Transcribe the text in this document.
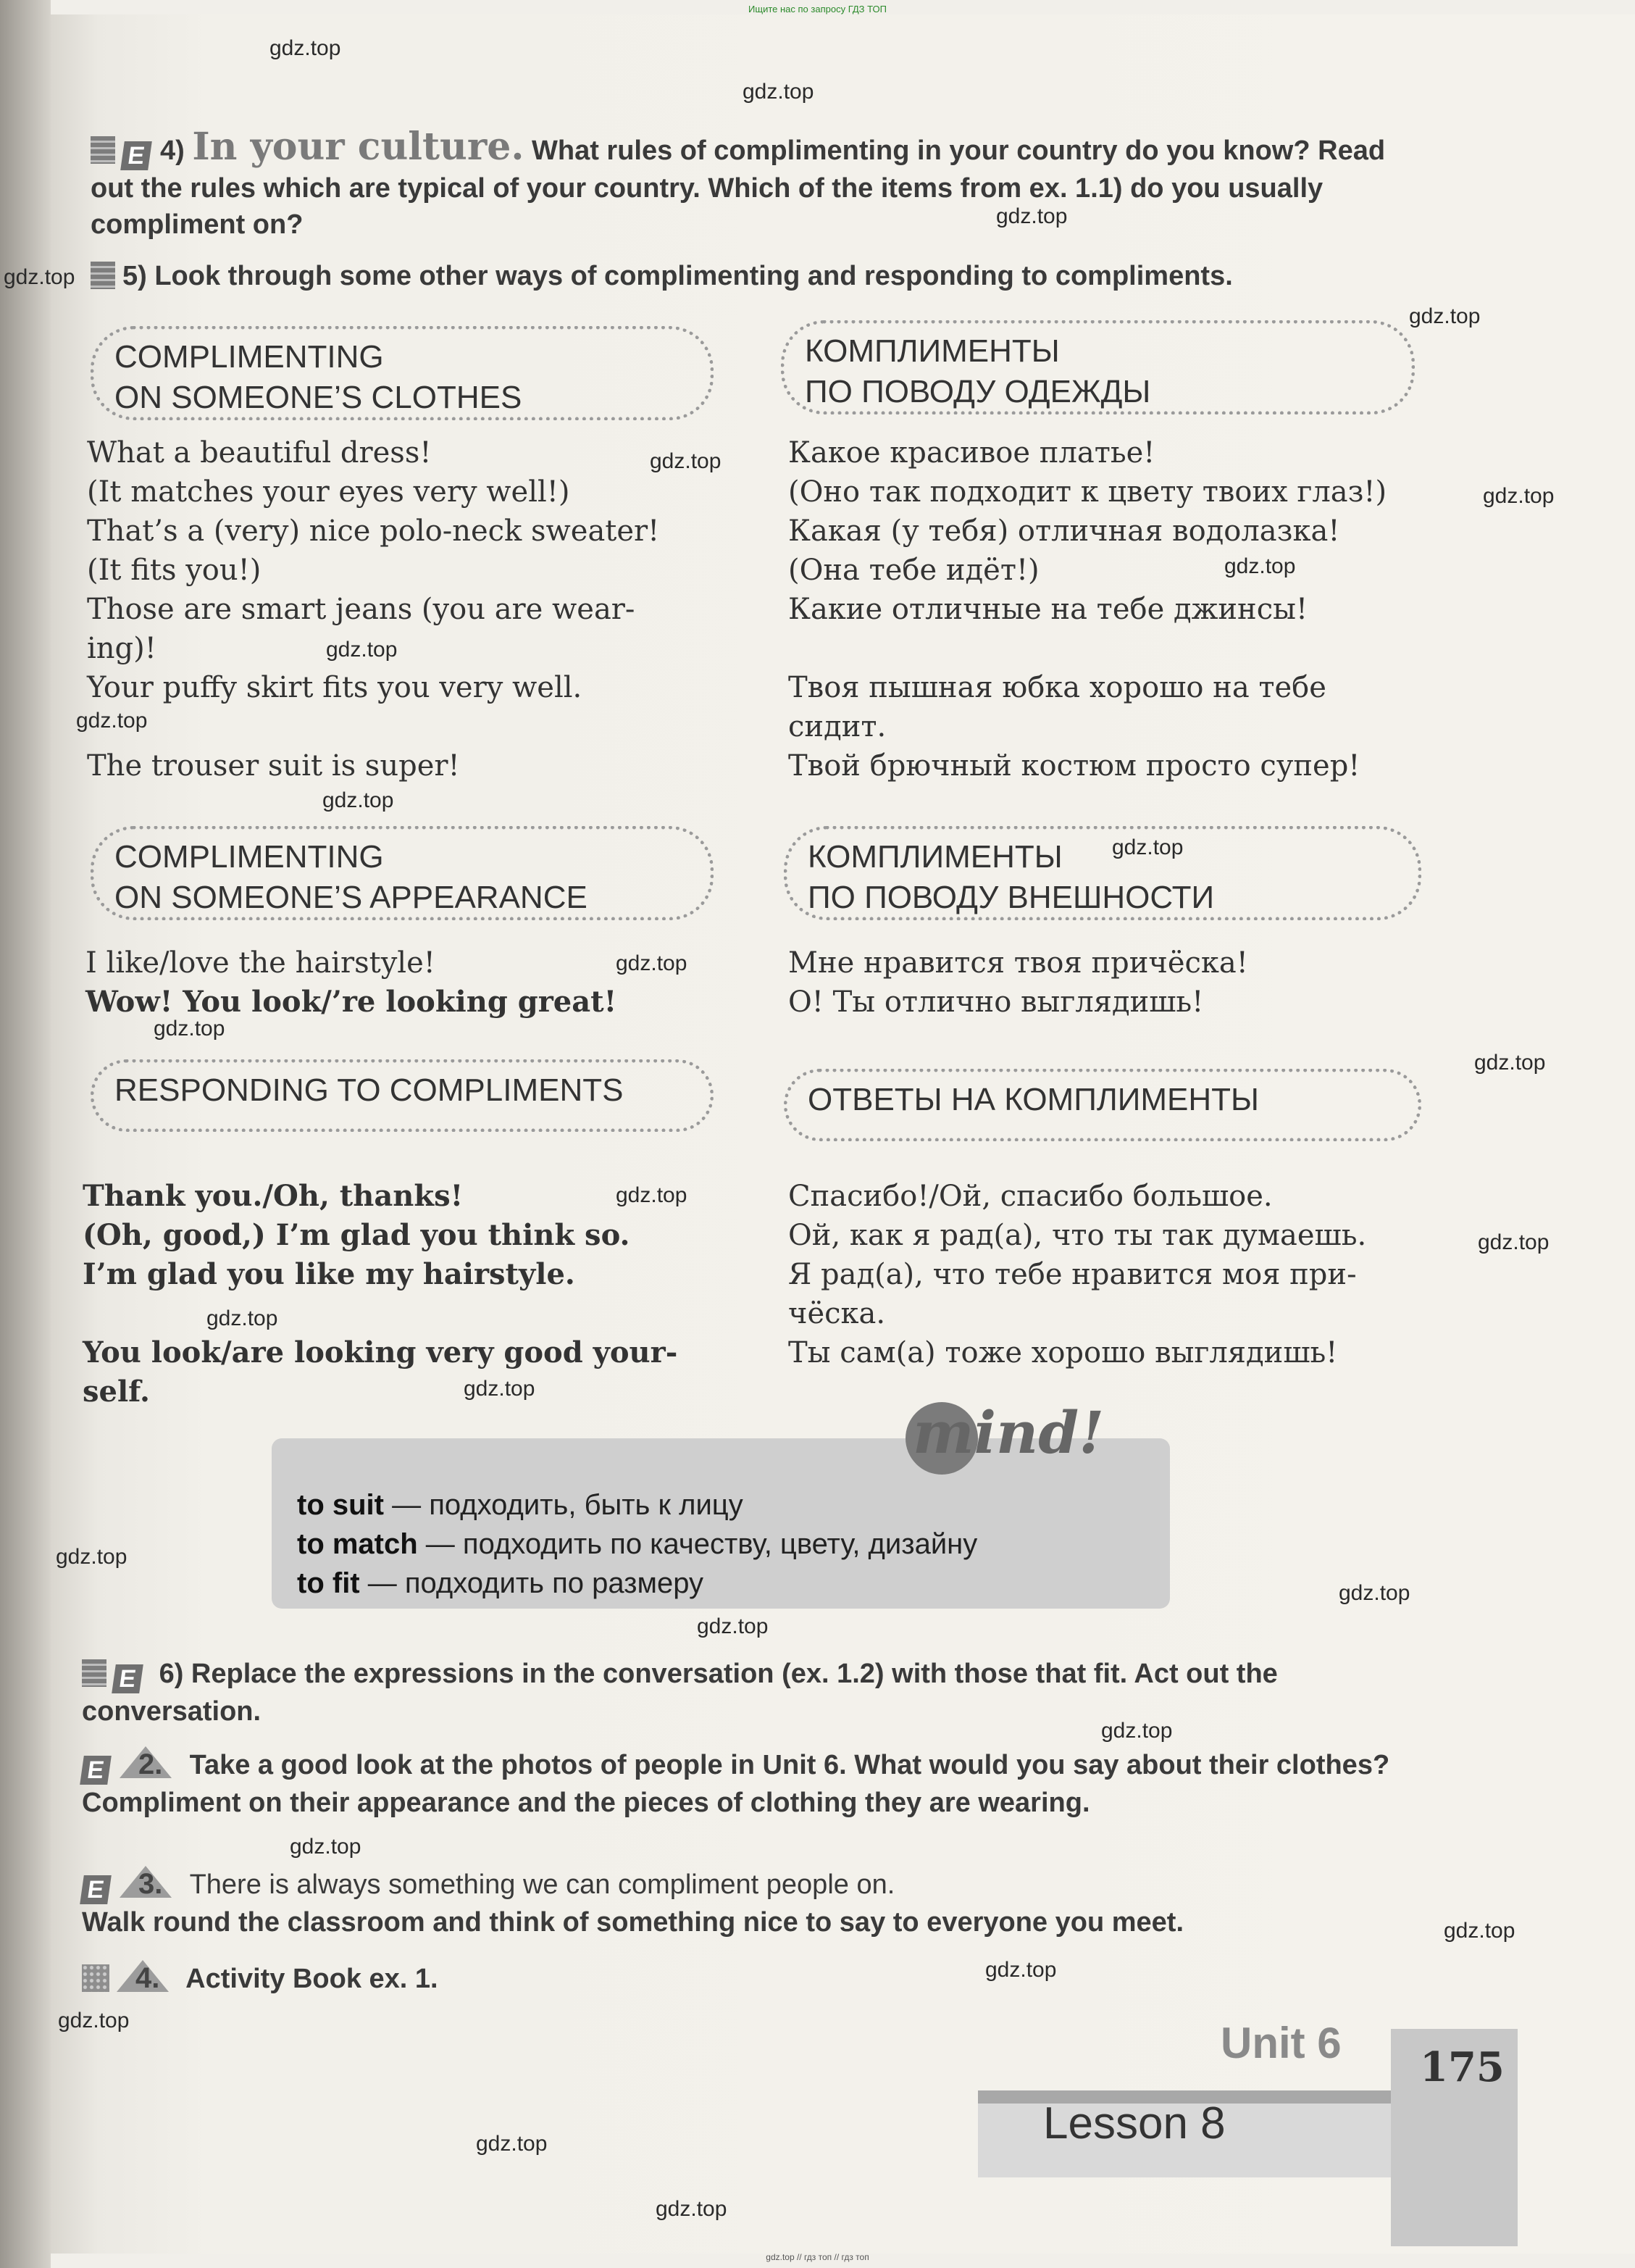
Ищите нас по запросу ГДЗ ТОП
gdz.top
gdz.top
gdz.top
gdz.top
gdz.top
gdz.top
gdz.top
gdz.top
gdz.top
gdz.top
gdz.top
gdz.top
gdz.top
gdz.top
gdz.top
gdz.top
gdz.top
gdz.top
gdz.top
gdz.top
gdz.top
gdz.top
gdz.top
gdz.top
gdz.top
gdz.top
gdz.top
gdz.top
gdz.top
E 4) In your culture. What rules of complimenting in your country do you know? Read out the rules which are typical of your country. Which of the items from ex. 1.1) do you usually compliment on?
5) Look through some other ways of complimenting and responding to compliments.
COMPLIMENTING
ON SOMEONE’S CLOTHES
КОМПЛИМЕНТЫ
ПО ПОВОДУ ОДЕЖДЫ

What a beautiful dress!

(It matches your eyes very well!)

That’s a (very) nice polo-neck sweater!

(It fits you!)

Those are smart jeans (you are wear-

ing)!

Your puffy skirt fits you very well.

The trouser suit is super!

Какое красивое платье!

(Оно так подходит к цвету твоих глаз!)

Какая (у тебя) отличная водолазка!

(Она тебе идёт!)

Какие отличные на тебе джинсы!

Твоя пышная юбка хорошо на тебе

сидит.

Твой брючный костюм просто супер!

COMPLIMENTING
ON SOMEONE’S APPEARANCE
КОМПЛИМЕНТЫ
ПО ПОВОДУ ВНЕШНОСТИ

I like/love the hairstyle!

Wow! You look/’re looking great!

Мне нравится твоя причёска!

О! Ты отлично выглядишь!

RESPONDING TO COMPLIMENTS	ОТВЕТЫ НА КОМПЛИМЕНТЫ

Thank you./Oh, thanks!

(Oh, good,) I’m glad you think so.

I’m glad you like my hairstyle.

You look/are looking very good your-

self.

Спасибо!/Ой, спасибо большое.

Ой, как я рад(а), что ты так думаешь.

Я рад(а), что тебе нравится моя при-

чёска.

Ты сам(а) тоже хорошо выглядишь!

mind!
to suit — подходить, быть к лицу
to match — подходить по качеству, цвету, дизайну
to fit — подходить по размеру
E 6) Replace the expressions in the conversation (ex. 1.2) with those that fit. Act out the conversation.
E 2. Take a good look at the photos of people in Unit 6. What would you say about their clothes? Compliment on their appearance and the pieces of clothing they are wearing.
E 3. There is always something we can compliment people on.
Walk round the classroom and think of something nice to say to everyone you meet.
4. Activity Book ex. 1.
Unit 6 175
Lesson 8
gdz.top // гдз топ // гдз топ
